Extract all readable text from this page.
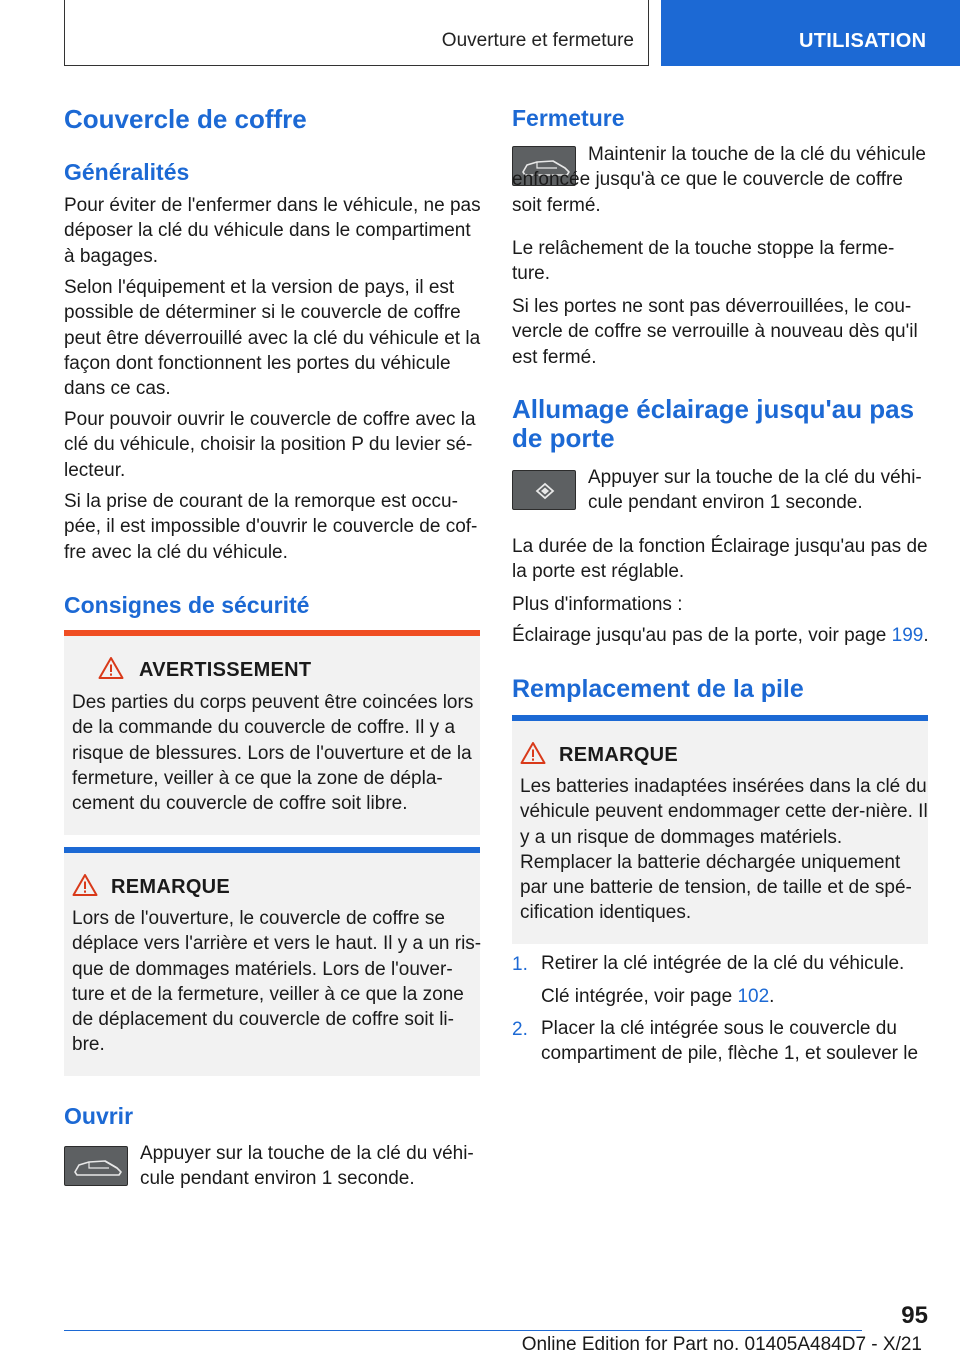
Ouverture et fermeture	UTILISATION
Couvercle de coffre
Généralités
Pour éviter de l'enfermer dans le véhicule, ne pas déposer la clé du véhicule dans le compartiment à bagages.
Selon l'équipement et la version de pays, il est possible de déterminer si le couvercle de coffre peut être déverrouillé avec la clé du véhicule et la façon dont fonctionnent les portes du véhicule dans ce cas.
Pour pouvoir ouvrir le couvercle de coffre avec la clé du véhicule, choisir la position P du levier sé-lecteur.
Si la prise de courant de la remorque est occu-pée, il est impossible d'ouvrir le couvercle de cof-fre avec la clé du véhicule.
Consignes de sécurité
AVERTISSEMENT
Des parties du corps peuvent être coincées lors de la commande du couvercle de coffre. Il y a risque de blessures. Lors de l'ouverture et de la fermeture, veiller à ce que la zone de dépla-cement du couvercle de coffre soit libre.
REMARQUE
Lors de l'ouverture, le couvercle de coffre se déplace vers l'arrière et vers le haut. Il y a un ris-que de dommages matériels. Lors de l'ouver-ture et de la fermeture, veiller à ce que la zone de déplacement du couvercle de coffre soit li-bre.
Ouvrir
Appuyer sur la touche de la clé du véhi-cule pendant environ 1 seconde.
Fermeture
Maintenir la touche de la clé du véhicule enfoncée jusqu'à ce que le couvercle de coffre soit fermé.
Le relâchement de la touche stoppe la ferme-ture.
Si les portes ne sont pas déverrouillées, le cou-vercle de coffre se verrouille à nouveau dès qu'il est fermé.
Allumage éclairage jusqu'au pas de porte
Appuyer sur la touche de la clé du véhi-cule pendant environ 1 seconde.
La durée de la fonction Éclairage jusqu'au pas de la porte est réglable.
Plus d'informations :
Éclairage jusqu'au pas de la porte, voir page 199.
Remplacement de la pile
REMARQUE
Les batteries inadaptées insérées dans la clé du véhicule peuvent endommager cette der-nière. Il y a un risque de dommages matériels. Remplacer la batterie déchargée uniquement par une batterie de tension, de taille et de spé-cification identiques.
1. Retirer la clé intégrée de la clé du véhicule.
Clé intégrée, voir page 102.
2. Placer la clé intégrée sous le couvercle du compartiment de pile, flèche 1, et soulever le
95
Online Edition for Part no. 01405A484D7 - X/21
